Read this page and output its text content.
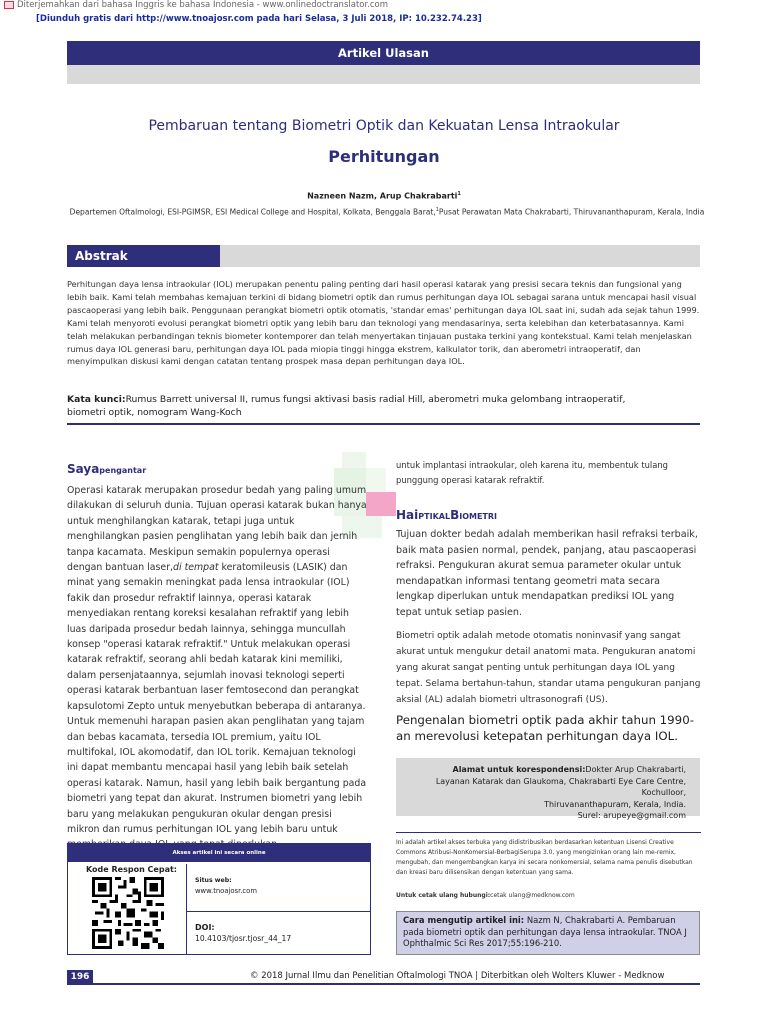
Diterjemahkan dari bahasa Inggris ke bahasa Indonesia - www.onlinedoctranslator.com
[Diunduh gratis dari http://www.tnoajosr.com pada hari Selasa, 3 Juli 2018, IP: 10.232.74.23]
Artikel Ulasan
Pembaruan tentang Biometri Optik dan Kekuatan Lensa Intraokular
Perhitungan
Nazneen Nazm, Arup Chakrabarti$^1$
Departemen Oftalmologi, ESI-PGIMSR, ESI Medical College and Hospital, Kolkata, Benggala Barat,$^1$Pusat Perawatan Mata Chakrabarti, Thiruvananthapuram, Kerala, India
Abstrak
Perhitungan daya lensa intraokular (IOL) merupakan penentu paling penting dari hasil operasi katarak yang presisi secara teknis dan fungsional yang lebih baik. Kami telah membahas kemajuan terkini di bidang biometri optik dan rumus perhitungan daya IOL sebagai sarana untuk mencapai hasil visual pascaoperasi yang lebih baik. Penggunaan perangkat biometri optik otomatis, 'standar emas' perhitungan daya IOL saat ini, sudah ada sejak tahun 1999. Kami telah menyoroti evolusi perangkat biometri optik yang lebih baru dan teknologi yang mendasarinya, serta kelebihan dan keterbatasannya. Kami telah melakukan perbandingan teknis biometer kontemporer dan telah menyertakan tinjauan pustaka terkini yang kontekstual. Kami telah menjelaskan rumus daya IOL generasi baru, perhitungan daya IOL pada miopia tinggi hingga ekstrem, kalkulator torik, dan aberometri intraoperatif, dan menyimpulkan diskusi kami dengan catatan tentang prospek masa depan perhitungan daya IOL.
Kata kunci:Rumus Barrett universal II, rumus fungsi aktivasi basis radial Hill, aberometri muka gelombang intraoperatif, biometri optik, nomogram Wang-Koch
Sayapengantar
Operasi katarak merupakan prosedur bedah yang paling umum dilakukan di seluruh dunia. Tujuan operasi katarak bukan hanya untuk menghilangkan katarak, tetapi juga untuk menghilangkan pasien penglihatan yang lebih baik dan jernih tanpa kacamata. Meskipun semakin populernya operasi dengan bantuan laser,di tempat keratomileusis (LASIK) dan minat yang semakin meningkat pada lensa intraokular (IOL) fakik dan prosedur refraktif lainnya, operasi katarak menyediakan rentang koreksi kesalahan refraktif yang lebih luas daripada prosedur bedah lainnya, sehingga muncullah konsep "operasi katarak refraktif." Untuk melakukan operasi katarak refraktif, seorang ahli bedah katarak kini memiliki, dalam persenjataannya, sejumlah inovasi teknologi seperti operasi katarak berbantuan laser femtosecond dan perangkat kapsulotomi Zepto untuk menyebutkan beberapa di antaranya. Untuk memenuhi harapan pasien akan penglihatan yang tajam dan bebas kacamata, tersedia IOL premium, yaitu IOL multifokal, IOL akomodatif, dan IOL torik. Kemajuan teknologi ini dapat membantu mencapai hasil yang lebih baik setelah operasi katarak. Namun, hasil yang lebih baik bergantung pada biometri yang tepat dan akurat. Instrumen biometri yang lebih baru yang melakukan pengukuran okular dengan presisi mikron dan rumus perhitungan IOL yang lebih baru untuk
untuk implantasi intraokular, oleh karena itu, membentuk tulang punggung operasi katarak refraktif.
HaiPTIKALBIOMETRI
Tujuan dokter bedah adalah memberikan hasil refraksi terbaik, baik mata pasien normal, pendek, panjang, atau pascaoperasi refraksi. Pengukuran akurat semua parameter okular untuk mendapatkan informasi tentang geometri mata secara lengkap diperlukan untuk mendapatkan prediksi IOL yang tepat untuk setiap pasien.
Biometri optik adalah metode otomatis noninvasif yang sangat akurat untuk mengukur detail anatomi mata. Pengukuran anatomi yang akurat sangat penting untuk perhitungan daya IOL yang tepat. Selama bertahun-tahun, standar utama pengukuran panjang aksial (AL) adalah biometri ultrasonografi (US).
Pengenalan biometri optik pada akhir tahun 1990-an merevolusi ketepatan perhitungan daya IOL.
Alamat untuk korespondensi:Dokter Arup Chakrabarti,
Layanan Katarak dan Glaukoma, Chakrabarti Eye Care Centre, Kochulloor,
Thiruvananthapuram, Kerala, India.
Surel: arupeye@gmail.com
Ini adalah artikel akses terbuka yang didistribusikan berdasarkan ketentuan Lisensi Creative Commons Atribusi-NonKomersial-BerbagiSerupa 3.0, yang mengizinkan orang lain me-remix, mengubah, dan mengembangkan karya ini secara nonkomersial, selama nama penulis disebutkan dan kreasi baru dilisensikan dengan ketentuan yang sama.
Untuk cetak ulang hubungi:cetak ulang@medknow.com
Cara mengutip artikel ini: Nazm N, Chakrabarti A. Pembaruan pada biometri optik dan perhitungan daya lensa intraokular. TNOA J Ophthalmic Sci Res 2017;55:196-210.
Akses artikel ini secara online
Kode Respon Cepat:
Situs web:
www.tnoajosr.com
DOI:
10.4103/tjosr.tjosr_44_17
196	© 2018 Jurnal Ilmu dan Penelitian Oftalmologi TNOA | Diterbitkan oleh Wolters Kluwer - Medknow
